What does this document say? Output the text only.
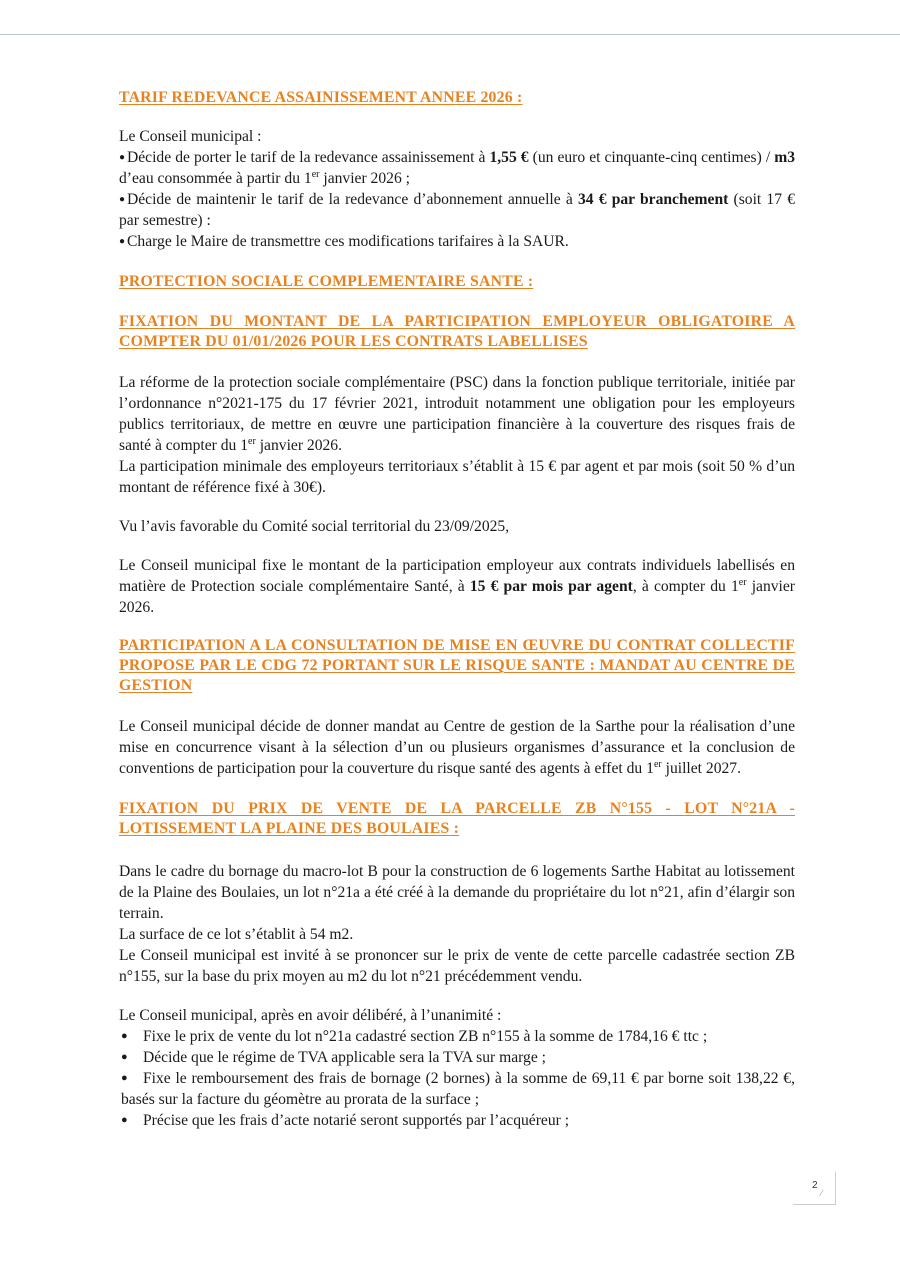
TARIF REDEVANCE ASSAINISSEMENT ANNEE 2026 :

Le Conseil municipal :

● Décide de porter le tarif de la redevance assainissement à 1,55 € (un euro et cinquante-cinq centimes) / m3 d’eau consommée à partir du 1er janvier 2026 ;

● Décide de maintenir le tarif de la redevance d’abonnement annuelle à 34 € par branchement (soit 17 € par semestre) :

● Charge le Maire de transmettre ces modifications tarifaires à la SAUR.

PROTECTION SOCIALE COMPLEMENTAIRE SANTE :

FIXATION DU MONTANT DE LA PARTICIPATION EMPLOYEUR OBLIGATOIRE A COMPTER DU 01/01/2026 POUR LES CONTRATS LABELLISES

La réforme de la protection sociale complémentaire (PSC) dans la fonction publique territoriale, initiée par l’ordonnance n°2021-175 du 17 février 2021, introduit notamment une obligation pour les employeurs publics territoriaux, de mettre en œuvre une participation financière à la couverture des risques frais de santé à compter du 1er janvier 2026.

La participation minimale des employeurs territoriaux s’établit à 15 € par agent et par mois (soit 50 % d’un montant de référence fixé à 30€).

Vu l’avis favorable du Comité social territorial du 23/09/2025,

Le Conseil municipal fixe le montant de la participation employeur aux contrats individuels labellisés en matière de Protection sociale complémentaire Santé, à 15 € par mois par agent, à compter du 1er janvier 2026.

PARTICIPATION A LA CONSULTATION DE MISE EN ŒUVRE DU CONTRAT COLLECTIF PROPOSE PAR LE CDG 72 PORTANT SUR LE RISQUE SANTE : MANDAT AU CENTRE DE GESTION

Le Conseil municipal décide de donner mandat au Centre de gestion de la Sarthe pour la réalisation d’une mise en concurrence visant à la sélection d’un ou plusieurs organismes d’assurance et la conclusion de conventions de participation pour la couverture du risque santé des agents à effet du 1er juillet 2027.

FIXATION DU PRIX DE VENTE DE LA PARCELLE ZB N°155 - LOT N°21A - LOTISSEMENT LA PLAINE DES BOULAIES :

Dans le cadre du bornage du macro-lot B pour la construction de 6 logements Sarthe Habitat au lotissement de la Plaine des Boulaies, un lot n°21a a été créé à la demande du propriétaire du lot n°21, afin d’élargir son terrain.

La surface de ce lot s’établit à 54 m2.

Le Conseil municipal est invité à se prononcer sur le prix de vente de cette parcelle cadastrée section ZB n°155, sur la base du prix moyen au m2 du lot n°21 précédemment vendu.

Le Conseil municipal, après en avoir délibéré, à l’unanimité :

● Fixe le prix de vente du lot n°21a cadastré section ZB n°155 à la somme de 1784,16 € ttc ;

● Décide que le régime de TVA applicable sera la TVA sur marge ;

● Fixe le remboursement des frais de bornage (2 bornes) à la somme de 69,11 € par borne soit 138,22 €, basés sur la facture du géomètre au prorata de la surface ;

● Précise que les frais d’acte notarié seront supportés par l’acquéreur ;

2
⁄
